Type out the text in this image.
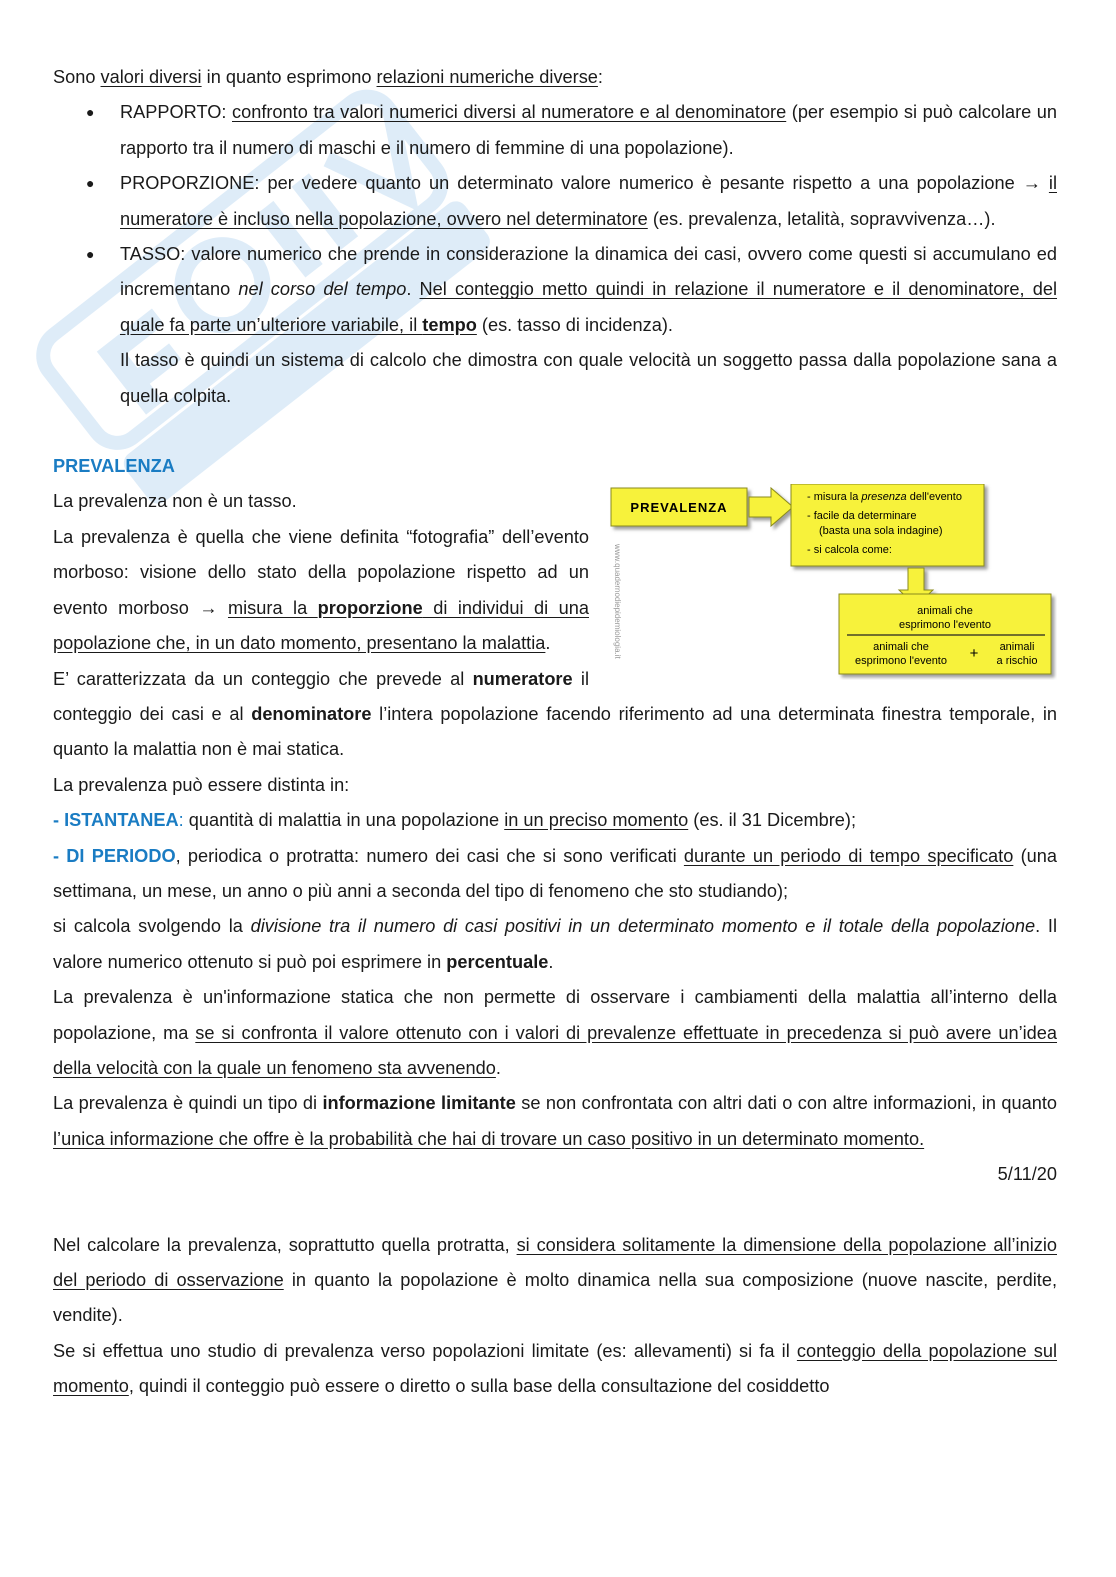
Sono valori diversi in quanto esprimono relazioni numeriche diverse:

● RAPPORTO: confronto tra valori numerici diversi al numeratore e al denominatore (per esempio si può calcolare un rapporto tra il numero di maschi e il numero di femmine di una popolazione).
● PROPORZIONE: per vedere quanto un determinato valore numerico è pesante rispetto a una popolazione → il numeratore è incluso nella popolazione, ovvero nel determinatore (es. prevalenza, letalità, sopravvivenza…).
● TASSO: valore numerico che prende in considerazione la dinamica dei casi, ovvero come questi si accumulano ed incrementano nel corso del tempo. Nel conteggio metto quindi in relazione il numeratore e il denominatore, del quale fa parte un’ulteriore variabile, il tempo (es. tasso di incidenza).

Il tasso è quindi un sistema di calcolo che dimostra con quale velocità un soggetto passa dalla popolazione sana a quella colpita.

PREVALENZA

PREVALENZA
- misura la presenza dell'evento
- facile da determinare
(basta una sola indagine)
- si calcola come:
animali che
esprimono l'evento
animali che
esprimono l'evento + animali
a rischio
www.quadernodiepidemiologia.it

La prevalenza non è un tasso.

La prevalenza è quella che viene definita “fotografia” dell’evento morboso: visione dello stato della popolazione rispetto ad un evento morboso → misura la proporzione di individui di una popolazione che, in un dato momento, presentano la malattia.

E’ caratterizzata da un conteggio che prevede al numeratore il conteggio dei casi e al denominatore l’intera popolazione facendo riferimento ad una determinata finestra temporale, in quanto la malattia non è mai statica.

La prevalenza può essere distinta in:

- ISTANTANEA: quantità di malattia in una popolazione in un preciso momento (es. il 31 Dicembre);

- DI PERIODO, periodica o protratta: numero dei casi che si sono verificati durante un periodo di tempo specificato (una settimana, un mese, un anno o più anni a seconda del tipo di fenomeno che sto studiando);

si calcola svolgendo la divisione tra il numero di casi positivi in un determinato momento e il totale della popolazione. Il valore numerico ottenuto si può poi esprimere in percentuale.

La prevalenza è un'informazione statica che non permette di osservare i cambiamenti della malattia all’interno della popolazione, ma se si confronta il valore ottenuto con i valori di prevalenze effettuate in precedenza si può avere un’idea della velocità con la quale un fenomeno sta avvenendo.

La prevalenza è quindi un tipo di informazione limitante se non confrontata con altri dati o con altre informazioni, in quanto l’unica informazione che offre è la probabilità che hai di trovare un caso positivo in un determinato momento.

5/11/20

Nel calcolare la prevalenza, soprattutto quella protratta, si considera solitamente la dimensione della popolazione all’inizio del periodo di osservazione in quanto la popolazione è molto dinamica nella sua composizione (nuove nascite, perdite, vendite).

Se si effettua uno studio di prevalenza verso popolazioni limitate (es: allevamenti) si fa il conteggio della popolazione sul momento, quindi il conteggio può essere o diretto o sulla base della consultazione del cosiddetto
